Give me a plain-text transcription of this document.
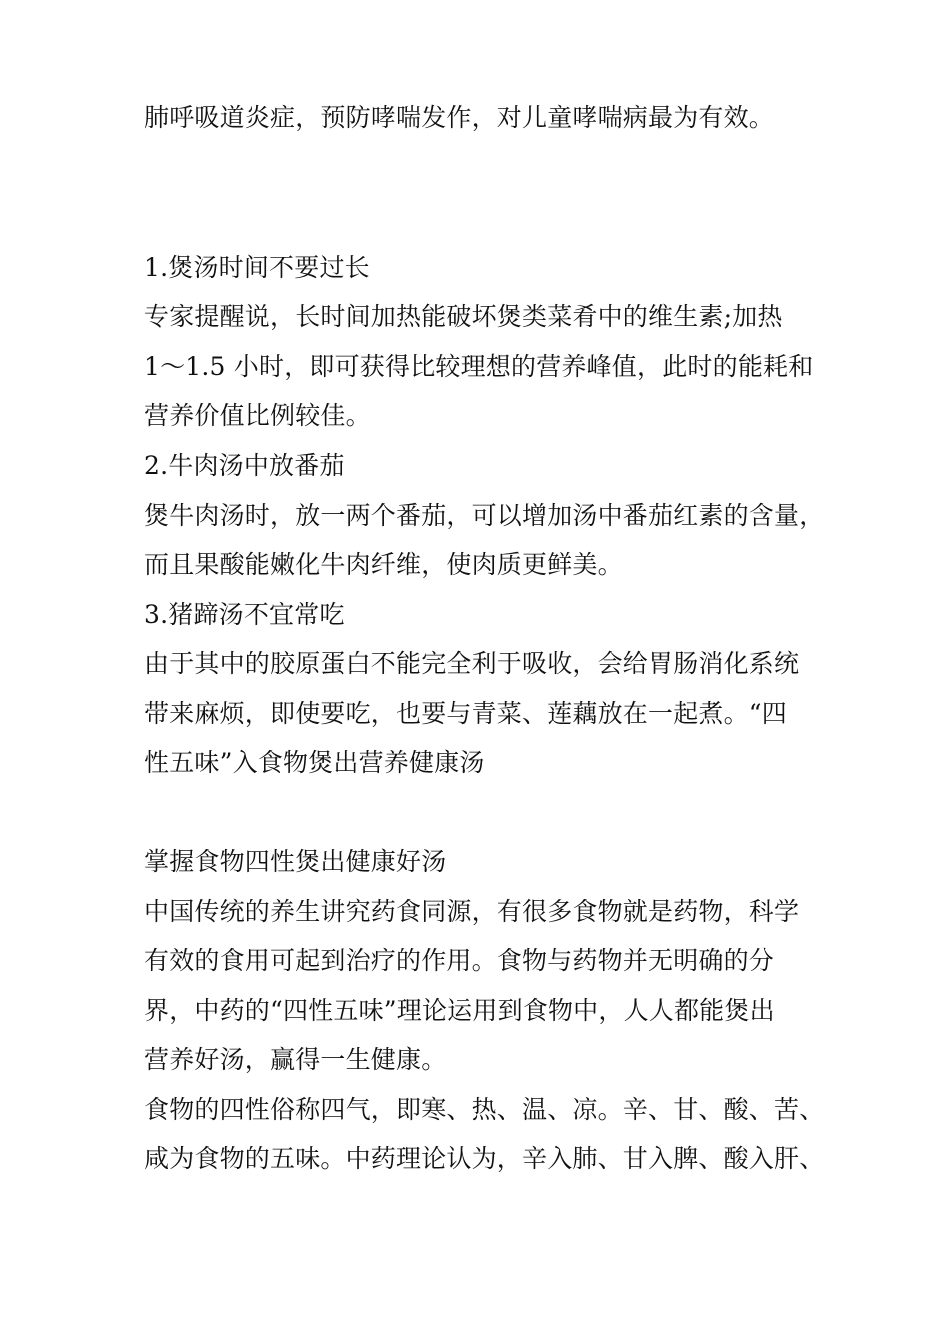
肺呼吸道炎症，预防哮喘发作，对儿童哮喘病最为有效。
1.煲汤时间不要过长
专家提醒说，长时间加热能破坏煲类菜肴中的维生素;加热
1～1.5 小时，即可获得比较理想的营养峰值，此时的能耗和
营养价值比例较佳。
2.牛肉汤中放番茄
煲牛肉汤时，放一两个番茄，可以增加汤中番茄红素的含量，
而且果酸能嫩化牛肉纤维，使肉质更鲜美。
3.猪蹄汤不宜常吃
由于其中的胶原蛋白不能完全利于吸收，会给胃肠消化系统
带来麻烦，即使要吃，也要与青菜、莲藕放在一起煮。“四
性五味”入食物煲出营养健康汤
掌握食物四性煲出健康好汤
中国传统的养生讲究药食同源，有很多食物就是药物，科学
有效的食用可起到治疗的作用。食物与药物并无明确的分
界，中药的“四性五味”理论运用到食物中，人人都能煲出
营养好汤，赢得一生健康。
食物的四性俗称四气，即寒、热、温、凉。辛、甘、酸、苦、
咸为食物的五味。中药理论认为，辛入肺、甘入脾、酸入肝、
